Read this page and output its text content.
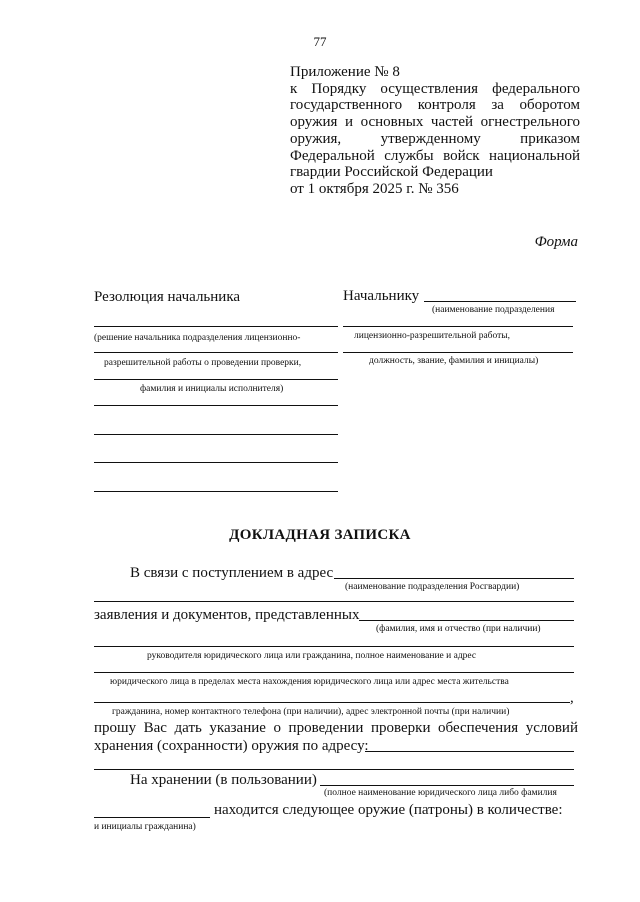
77
Приложение № 8
к Порядку осуществления федерального
государственного контроля за оборотом
оружия и основных частей огнестрельного
оружия, утвержденному приказом
Федеральной службы войск национальной
гвардии Российской Федерации
от 1 октября 2025 г. № 356
Форма
Резолюция начальника
(решение начальника подразделения лицензионно-
разрешительной работы о проведении проверки,
фамилия и инициалы исполнителя)
Начальнику
(наименование подразделения
лицензионно-разрешительной работы,
должность, звание, фамилия и инициалы)
ДОКЛАДНАЯ ЗАПИСКА
В связи с поступлением в адрес
(наименование подразделения Росгвардии)
заявления и документов, представленных
(фамилия, имя и отчество (при наличии)
руководителя юридического лица или гражданина, полное наименование и адрес
юридического лица в пределах места нахождения юридического лица или адрес места жительства
,
гражданина, номер контактного телефона (при наличии), адрес электронной почты (при наличии)
прошу Вас дать указание о проведении проверки обеспечения условий
хранения (сохранности) оружия по адресу:
На хранении (в пользовании)
(полное наименование юридического лица либо фамилия
находится следующее оружие (патроны) в количестве:
и инициалы гражданина)
